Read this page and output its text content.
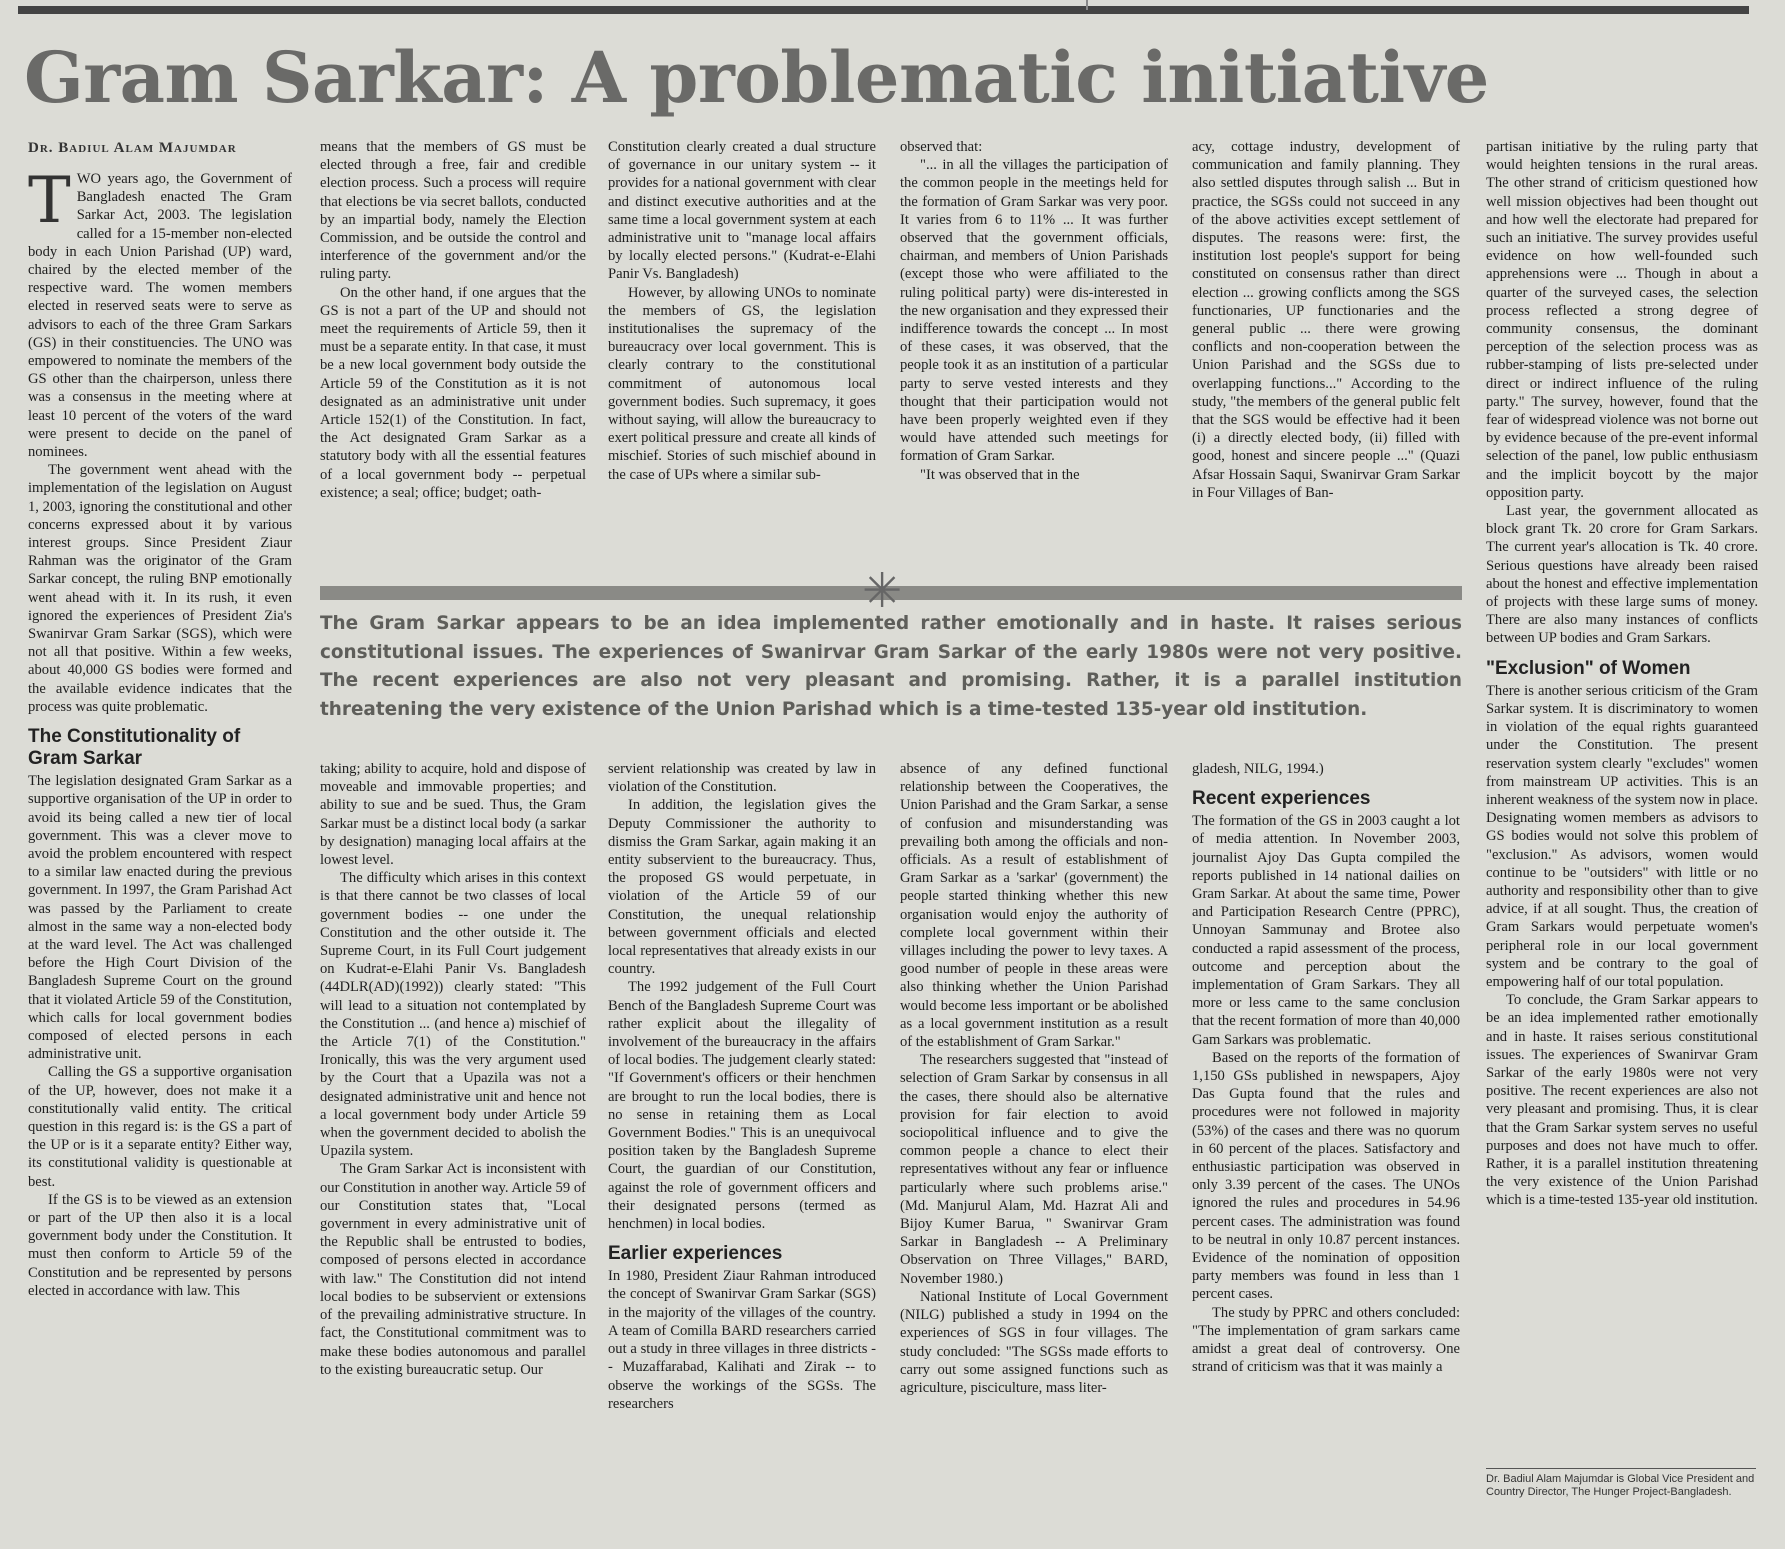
Gram Sarkar: A problematic initiative
Dr. Badiul Alam Majumdar

TWO years ago, the Government of Bangladesh enacted The Gram Sarkar Act, 2003. The legislation called for a 15-member non-elected body in each Union Parishad (UP) ward, chaired by the elected member of the respective ward. The women members elected in reserved seats were to serve as advisors to each of the three Gram Sarkars (GS) in their constituencies. The UNO was empowered to nominate the members of the GS other than the chairperson, unless there was a consensus in the meeting where at least 10 percent of the voters of the ward were present to decide on the panel of nominees.

The government went ahead with the implementation of the legislation on August 1, 2003, ignoring the constitutional and other concerns expressed about it by various interest groups. Since President Ziaur Rahman was the originator of the Gram Sarkar concept, the ruling BNP emotionally went ahead with it. In its rush, it even ignored the experiences of President Zia's Swanirvar Gram Sarkar (SGS), which were not all that positive. Within a few weeks, about 40,000 GS bodies were formed and the available evidence indicates that the process was quite problematic.

The Constitutionality of Gram Sarkar

The legislation designated Gram Sarkar as a supportive organisation of the UP in order to avoid its being called a new tier of local government. This was a clever move to avoid the problem encountered with respect to a similar law enacted during the previous government. In 1997, the Gram Parishad Act was passed by the Parliament to create almost in the same way a non-elected body at the ward level. The Act was challenged before the High Court Division of the Bangladesh Supreme Court on the ground that it violated Article 59 of the Constitution, which calls for local government bodies composed of elected persons in each administrative unit.

Calling the GS a supportive organisation of the UP, however, does not make it a constitutionally valid entity. The critical question in this regard is: is the GS a part of the UP or is it a separate entity? Either way, its constitutional validity is questionable at best.

If the GS is to be viewed as an extension or part of the UP then also it is a local government body under the Constitution. It must then conform to Article 59 of the Constitution and be represented by persons elected in accordance with law. This

means that the members of GS must be elected through a free, fair and credible election process. Such a process will require that elections be via secret ballots, conducted by an impartial body, namely the Election Commission, and be outside the control and interference of the government and/or the ruling party.

On the other hand, if one argues that the GS is not a part of the UP and should not meet the requirements of Article 59, then it must be a separate entity. In that case, it must be a new local government body outside the Article 59 of the Constitution as it is not designated as an administrative unit under Article 152(1) of the Constitution. In fact, the Act designated Gram Sarkar as a statutory body with all the essential features of a local government body -- perpetual existence; a seal; office; budget; oath-

Constitution clearly created a dual structure of governance in our unitary system -- it provides for a national government with clear and distinct executive authorities and at the same time a local government system at each administrative unit to "manage local affairs by locally elected persons." (Kudrat-e-Elahi Panir Vs. Bangladesh)

However, by allowing UNOs to nominate the members of GS, the legislation institutionalises the supremacy of the bureaucracy over local government. This is clearly contrary to the constitutional commitment of autonomous local government bodies. Such supremacy, it goes without saying, will allow the bureaucracy to exert political pressure and create all kinds of mischief. Stories of such mischief abound in the case of UPs where a similar sub-

observed that:

"... in all the villages the participation of the common people in the meetings held for the formation of Gram Sarkar was very poor. It varies from 6 to 11% ... It was further observed that the government officials, chairman, and members of Union Parishads (except those who were affiliated to the ruling political party) were dis-interested in the new organisation and they expressed their indifference towards the concept ... In most of these cases, it was observed, that the people took it as an institution of a particular party to serve vested interests and they thought that their participation would not have been properly weighted even if they would have attended such meetings for formation of Gram Sarkar.

"It was observed that in the

acy, cottage industry, development of communication and family planning. They also settled disputes through salish ... But in practice, the SGSs could not succeed in any of the above activities except settlement of disputes. The reasons were: first, the institution lost people's support for being constituted on consensus rather than direct election ... growing conflicts among the SGS functionaries, UP functionaries and the general public ... there were growing conflicts and non-cooperation between the Union Parishad and the SGSs due to overlapping functions..." According to the study, "the members of the general public felt that the SGS would be effective had it been (i) a directly elected body, (ii) filled with good, honest and sincere people ..." (Quazi Afsar Hossain Saqui, Swanirvar Gram Sarkar in Four Villages of Ban-

partisan initiative by the ruling party that would heighten tensions in the rural areas. The other strand of criticism questioned how well mission objectives had been thought out and how well the electorate had prepared for such an initiative. The survey provides useful evidence on how well-founded such apprehensions were ... Though in about a quarter of the surveyed cases, the selection process reflected a strong degree of community consensus, the dominant perception of the selection process was as rubber-stamping of lists pre-selected under direct or indirect influence of the ruling party." The survey, however, found that the fear of widespread violence was not borne out by evidence because of the pre-event informal selection of the panel, low public enthusiasm and the implicit boycott by the major opposition party.

Last year, the government allocated as block grant Tk. 20 crore for Gram Sarkars. The current year's allocation is Tk. 40 crore. Serious questions have already been raised about the honest and effective implementation of projects with these large sums of money. There are also many instances of conflicts between UP bodies and Gram Sarkars.

"Exclusion" of Women

There is another serious criticism of the Gram Sarkar system. It is discriminatory to women in violation of the equal rights guaranteed under the Constitution. The present reservation system clearly "excludes" women from mainstream UP activities. This is an inherent weakness of the system now in place. Designating women members as advisors to GS bodies would not solve this problem of "exclusion." As advisors, women would continue to be "outsiders" with little or no authority and responsibility other than to give advice, if at all sought. Thus, the creation of Gram Sarkars would perpetuate women's peripheral role in our local government system and be contrary to the goal of empowering half of our total population.

To conclude, the Gram Sarkar appears to be an idea implemented rather emotionally and in haste. It raises serious constitutional issues. The experiences of Swanirvar Gram Sarkar of the early 1980s were not very positive. The recent experiences are also not very pleasant and promising. Thus, it is clear that the Gram Sarkar system serves no useful purposes and does not have much to offer. Rather, it is a parallel institution threatening the very existence of the Union Parishad which is a time-tested 135-year old institution.

✳
The Gram Sarkar appears to be an idea implemented rather emotionally and in haste. It raises serious constitutional issues. The experiences of Swanirvar Gram Sarkar of the early 1980s were not very positive. The recent experiences are also not very pleasant and promising. Rather, it is a parallel institution threatening the very existence of the Union Parishad which is a time-tested 135-year old institution.

taking; ability to acquire, hold and dispose of moveable and immovable properties; and ability to sue and be sued. Thus, the Gram Sarkar must be a distinct local body (a sarkar by designation) managing local affairs at the lowest level.

The difficulty which arises in this context is that there cannot be two classes of local government bodies -- one under the Constitution and the other outside it. The Supreme Court, in its Full Court judgement on Kudrat-e-Elahi Panir Vs. Bangladesh (44DLR(AD)(1992)) clearly stated: "This will lead to a situation not contemplated by the Constitution ... (and hence a) mischief of the Article 7(1) of the Constitution." Ironically, this was the very argument used by the Court that a Upazila was not a designated administrative unit and hence not a local government body under Article 59 when the government decided to abolish the Upazila system.

The Gram Sarkar Act is inconsistent with our Constitution in another way. Article 59 of our Constitution states that, "Local government in every administrative unit of the Republic shall be entrusted to bodies, composed of persons elected in accordance with law." The Constitution did not intend local bodies to be subservient or extensions of the prevailing administrative structure. In fact, the Constitutional commitment was to make these bodies autonomous and parallel to the existing bureaucratic setup. Our

servient relationship was created by law in violation of the Constitution.

In addition, the legislation gives the Deputy Commissioner the authority to dismiss the Gram Sarkar, again making it an entity subservient to the bureaucracy. Thus, the proposed GS would perpetuate, in violation of the Article 59 of our Constitution, the unequal relationship between government officials and elected local representatives that already exists in our country.

The 1992 judgement of the Full Court Bench of the Bangladesh Supreme Court was rather explicit about the illegality of involvement of the bureaucracy in the affairs of local bodies. The judgement clearly stated: "If Government's officers or their henchmen are brought to run the local bodies, there is no sense in retaining them as Local Government Bodies." This is an unequivocal position taken by the Bangladesh Supreme Court, the guardian of our Constitution, against the role of government officers and their designated persons (termed as henchmen) in local bodies.

Earlier experiences

In 1980, President Ziaur Rahman introduced the concept of Swanirvar Gram Sarkar (SGS) in the majority of the villages of the country. A team of Comilla BARD researchers carried out a study in three villages in three districts -- Muzaffarabad, Kalihati and Zirak -- to observe the workings of the SGSs. The researchers

absence of any defined functional relationship between the Cooperatives, the Union Parishad and the Gram Sarkar, a sense of confusion and misunderstanding was prevailing both among the officials and non-officials. As a result of establishment of Gram Sarkar as a 'sarkar' (government) the people started thinking whether this new organisation would enjoy the authority of complete local government within their villages including the power to levy taxes. A good number of people in these areas were also thinking whether the Union Parishad would become less important or be abolished as a local government institution as a result of the establishment of Gram Sarkar."

The researchers suggested that "instead of selection of Gram Sarkar by consensus in all the cases, there should also be alternative provision for fair election to avoid sociopolitical influence and to give the common people a chance to elect their representatives without any fear or influence particularly where such problems arise." (Md. Manjurul Alam, Md. Hazrat Ali and Bijoy Kumer Barua, " Swanirvar Gram Sarkar in Bangladesh -- A Preliminary Observation on Three Villages," BARD, November 1980.)

National Institute of Local Government (NILG) published a study in 1994 on the experiences of SGS in four villages. The study concluded: "The SGSs made efforts to carry out some assigned functions such as agriculture, pisciculture, mass liter-

gladesh, NILG, 1994.)

Recent experiences

The formation of the GS in 2003 caught a lot of media attention. In November 2003, journalist Ajoy Das Gupta compiled the reports published in 14 national dailies on Gram Sarkar. At about the same time, Power and Participation Research Centre (PPRC), Unnoyan Sammunay and Brotee also conducted a rapid assessment of the process, outcome and perception about the implementation of Gram Sarkars. They all more or less came to the same conclusion that the recent formation of more than 40,000 Gam Sarkars was problematic.

Based on the reports of the formation of 1,150 GSs published in newspapers, Ajoy Das Gupta found that the rules and procedures were not followed in majority (53%) of the cases and there was no quorum in 60 percent of the places. Satisfactory and enthusiastic participation was observed in only 3.39 percent of the cases. The UNOs ignored the rules and procedures in 54.96 percent cases. The administration was found to be neutral in only 10.87 percent instances. Evidence of the nomination of opposition party members was found in less than 1 percent cases.

The study by PPRC and others concluded: "The implementation of gram sarkars came amidst a great deal of controversy. One strand of criticism was that it was mainly a

Dr. Badiul Alam Majumdar is Global Vice President and Country Director, The Hunger Project-Bangladesh.
